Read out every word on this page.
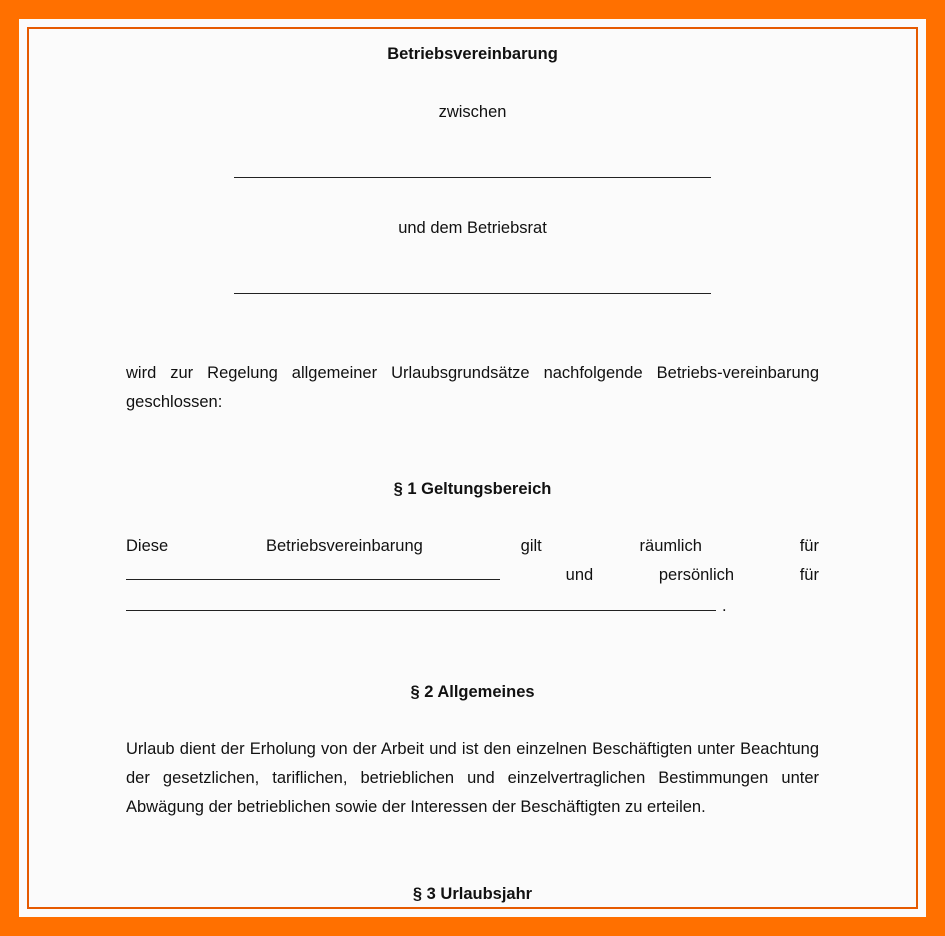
Betriebsvereinbarung
zwischen
und dem Betriebsrat
wird zur Regelung allgemeiner Urlaubsgrundsätze nachfolgende Betriebs-vereinbarung geschlossen:
§ 1 Geltungsbereich
Diese	Betriebsvereinbarung	gilt	räumlich	für
und	persönlich	für
.
§ 2 Allgemeines
Urlaub dient der Erholung von der Arbeit und ist den einzelnen Beschäftigten unter Beachtung der gesetzlichen, tariflichen, betrieblichen und einzelvertraglichen Bestimmungen unter Abwägung der betrieblichen sowie der Interessen der Beschäftigten zu erteilen.
§ 3 Urlaubsjahr
